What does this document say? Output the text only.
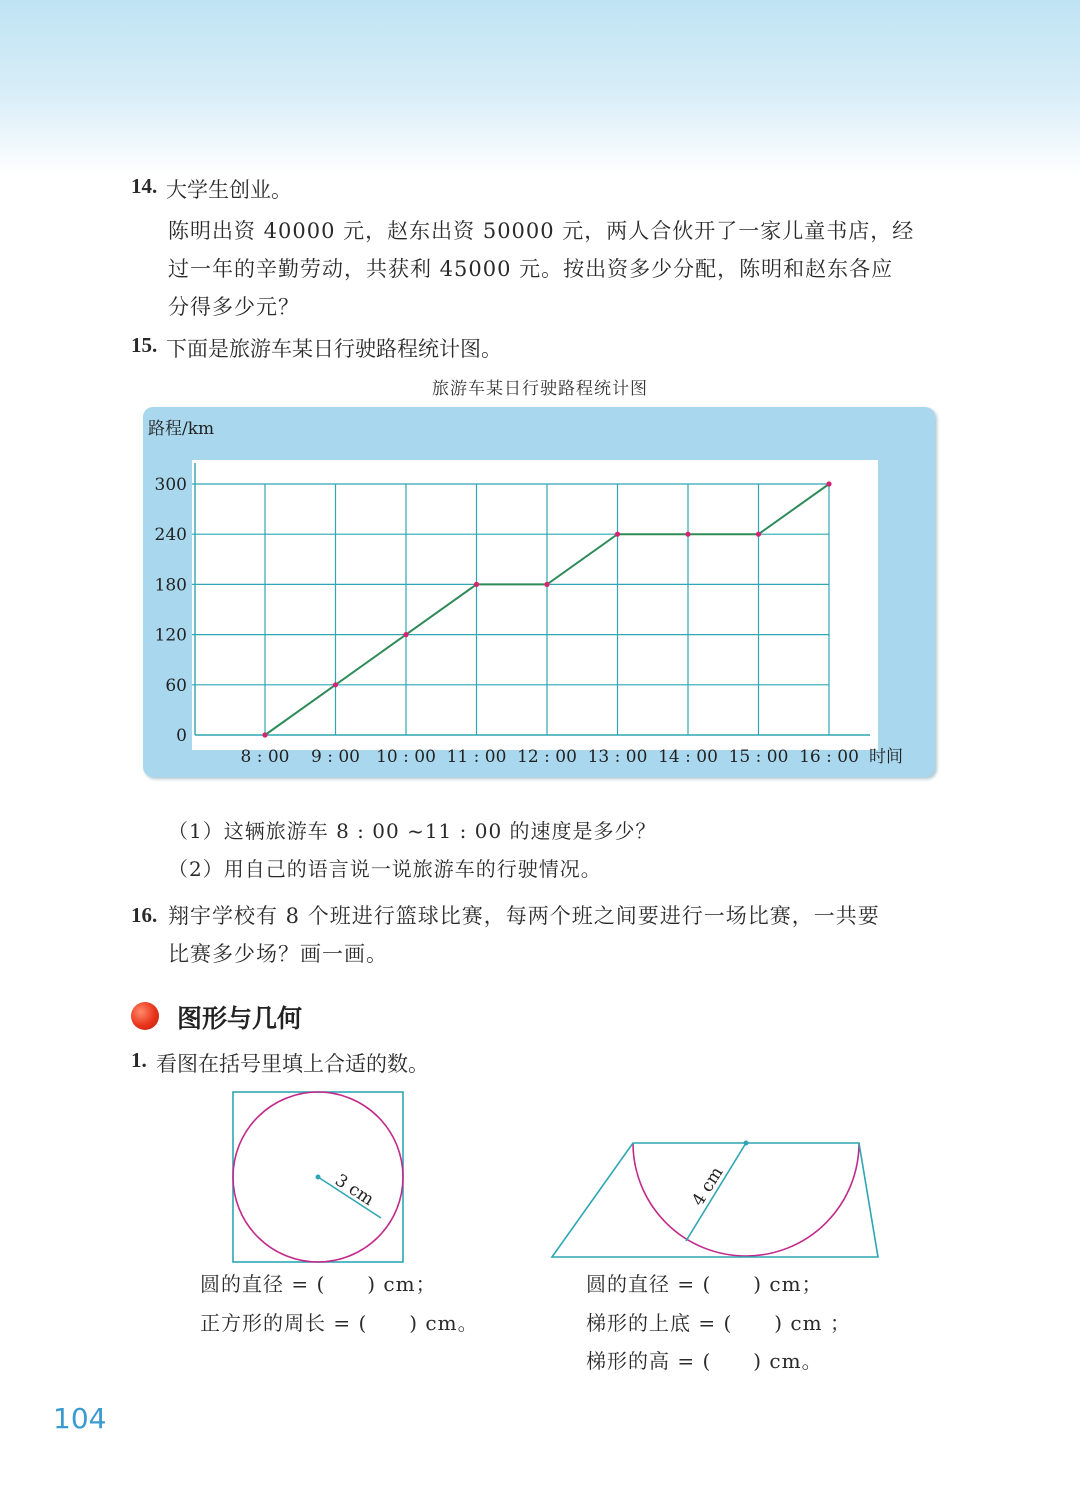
14. 大学生创业。
陈明出资 40000 元，赵东出资 50000 元，两人合伙开了一家儿童书店，经
过一年的辛勤劳动，共获利 45000 元。按出资多少分配，陈明和赵东各应
分得多少元？
15. 下面是旅游车某日行驶路程统计图。
旅游车某日行驶路程统计图
0
60
120
180
240
300
8 : 00 9 : 00 10 : 00 11 : 00 12 : 00 13 : 00 14 : 00 15 : 00 16 : 00
路程/km
时间
（1）这辆旅游车 8 : 00 ~11 : 00 的速度是多少？
（2）用自己的语言说一说旅游车的行驶情况。
16. 翔宇学校有 8 个班进行篮球比赛，每两个班之间要进行一场比赛，一共要
比赛多少场？画一画。
图形与几何
1. 看图在括号里填上合适的数。
3 cm	4 cm
圆的直径 = (　　) cm；
正方形的周长 = (　　) cm。
圆的直径 = (　　) cm；
梯形的上底 = (　　) cm ；
梯形的高 = (　　) cm。
104
